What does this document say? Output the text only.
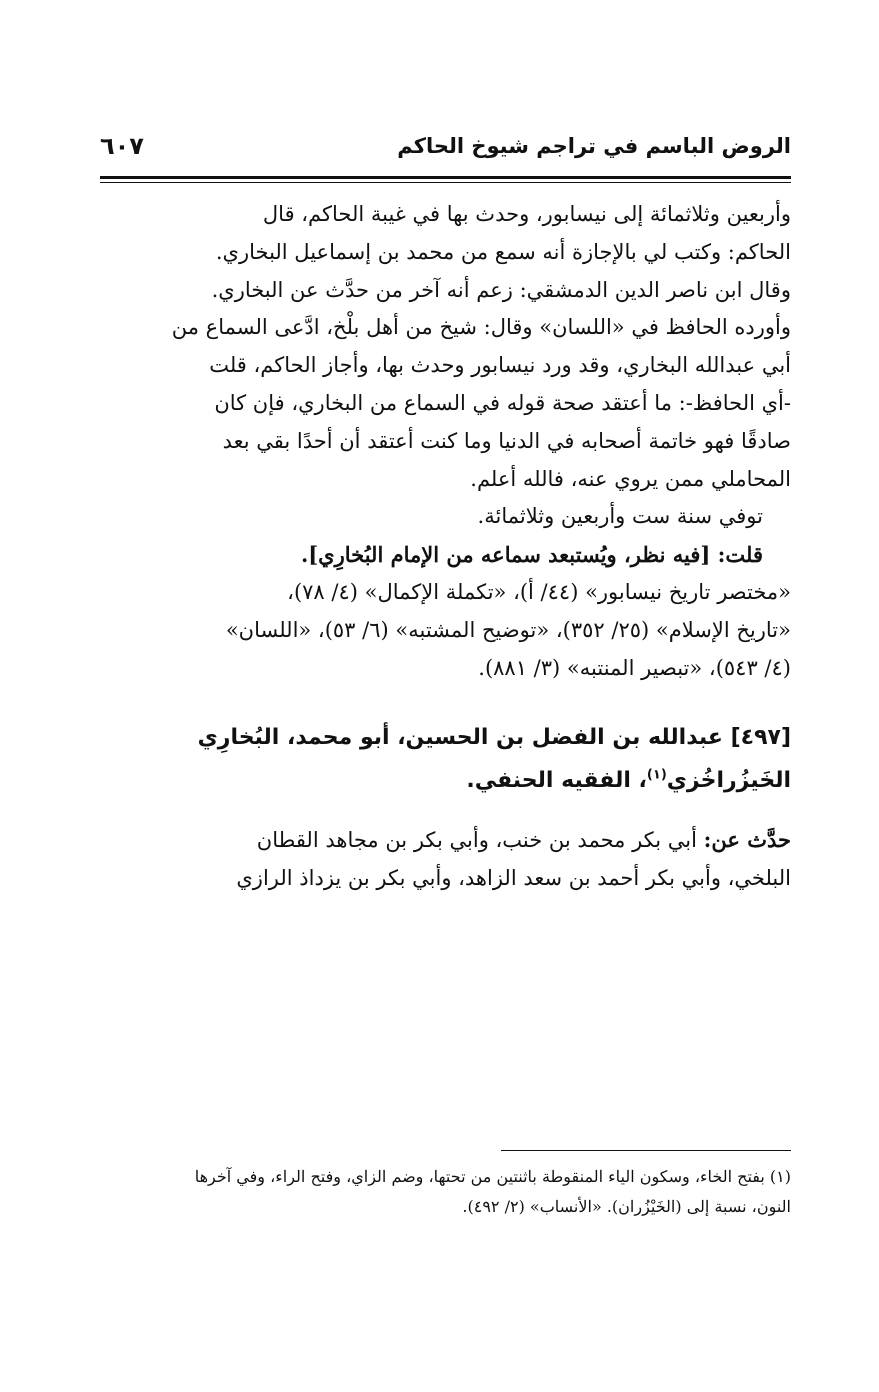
الروض الباسم في تراجم شيوخ الحاكم
٦٠٧

وأربعين وثلاثمائة إلى نيسابور، وحدث بها في غيبة الحاكم، قال
الحاكم: وكتب لي بالإجازة أنه سمع من محمد بن إسماعيل البخاري.

وقال ابن ناصر الدين الدمشقي: زعم أنه آخر من حدَّث عن البخاري.

وأورده الحافظ في «اللسان» وقال: شيخ من أهل بلْخ، ادَّعى السماع من
أبي عبدالله البخاري، وقد ورد نيسابور وحدث بها، وأجاز الحاكم، قلت
-أي الحافظ-: ما أعتقد صحة قوله في السماع من البخاري، فإن كان
صادقًا فهو خاتمة أصحابه في الدنيا وما كنت أعتقد أن أحدًا بقي بعد
المحاملي ممن يروي عنه، فالله أعلم.

توفي سنة ست وأربعين وثلاثمائة.

قلت: [فيه نظر، ويُستبعد سماعه من الإمام البُخارِي].

«مختصر تاريخ نيسابور» (٤٤/ أ)، «تكملة الإكمال» (٤/ ٧٨)،
«تاريخ الإسلام» (٢٥/ ٣٥٢)، «توضيح المشتبه» (٦/ ٥٣)، «اللسان»
(٤/ ٥٤٣)، «تبصير المنتبه» (٣/ ٨٨١).

[٤٩٧] عبدالله بن الفضل بن الحسين، أبو محمد، البُخارِي
الخَيزُراخُزي$^{(١)}$، الفقيه الحنفي.

حدَّث عن: أبي بكر محمد بن خنب، وأبي بكر بن مجاهد القطان
البلخي، وأبي بكر أحمد بن سعد الزاهد، وأبي بكر بن يزداذ الرازي

(١) بفتح الخاء، وسكون الياء المنقوطة باثنتين من تحتها، وضم الزاي، وفتح الراء، وفي آخرها
النون، نسبة إلى (الخَيْزُران). «الأنساب» (٢/ ٤٩٢).
